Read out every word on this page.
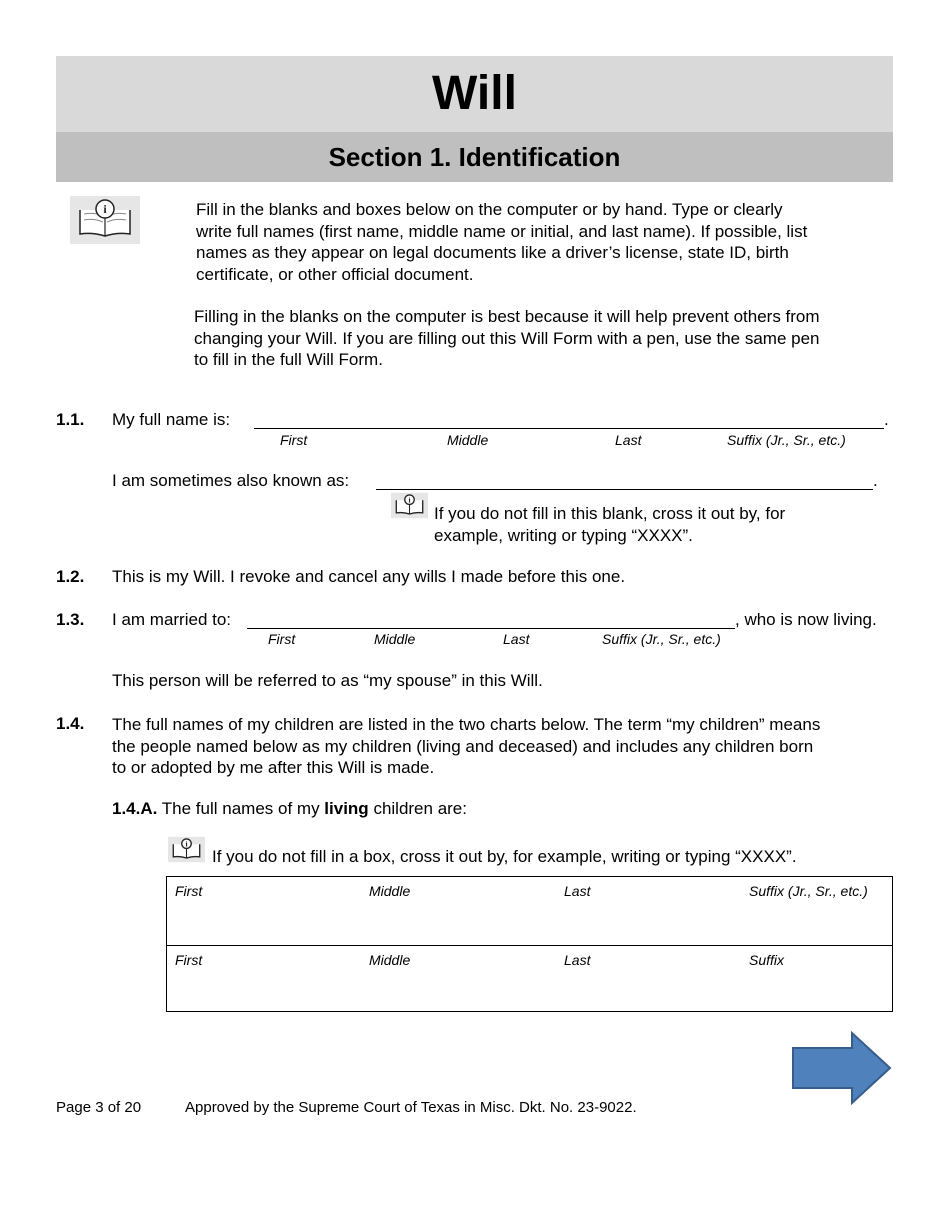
Will
Section 1. Identification
i	Fill in the blanks and boxes below on the computer or by hand. Type or clearly
write full names (first name, middle name or initial, and last name). If possible, list
names as they appear on legal documents like a driver’s license, state ID, birth
certificate, or other official document.
Filling in the blanks on the computer is best because it will help prevent others from
changing your Will. If you are filling out this Will Form with a pen, use the same pen
to fill in the full Will Form.
1.1. My full name is:	.
First	Middle	Last	Suffix (Jr., Sr., etc.)
I am sometimes also known as:	.
i
If you do not fill in this blank, cross it out by, for
example, writing or typing “XXXX”.
1.2. This is my Will. I revoke and cancel any wills I made before this one.
1.3. I am married to:	, who is now living.
First	Middle	Last	Suffix (Jr., Sr., etc.)
This person will be referred to as “my spouse” in this Will.
1.4. The full names of my children are listed in the two charts below. The term “my children” means
the people named below as my children (living and deceased) and includes any children born
to or adopted by me after this Will is made.
1.4.A. The full names of my living children are:
i
If you do not fill in a box, cross it out by, for example, writing or typing “XXXX”.
First	Middle	Last	Suffix (Jr., Sr., etc.)
First	Middle	Last	Suffix
Page 3 of 20	Approved by the Supreme Court of Texas in Misc. Dkt. No. 23-9022.
